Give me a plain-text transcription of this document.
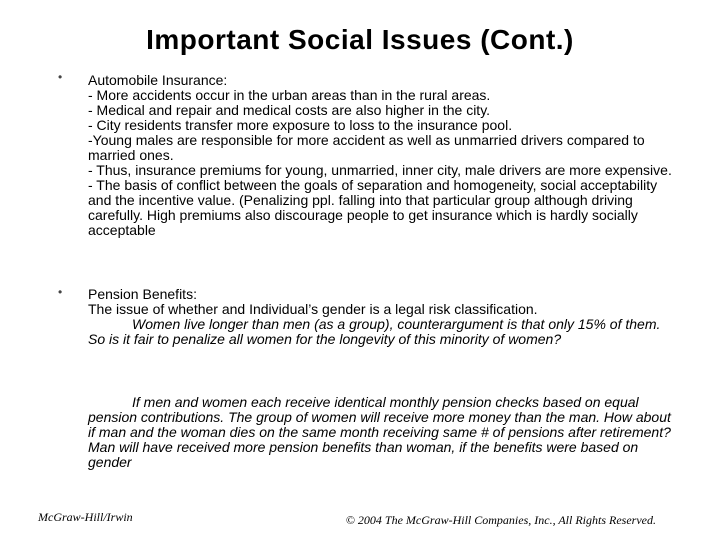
Important Social Issues (Cont.)
• Automobile Insurance:
- More accidents occur in the urban areas than in the rural areas.
- Medical and repair and medical costs are also higher in the city.
- City residents transfer more exposure to loss to the insurance pool.
-Young males are responsible for more accident as well as unmarried drivers compared to married ones.
- Thus, insurance premiums for young, unmarried, inner city, male drivers are more expensive.
- The basis of conflict between the goals of separation and homogeneity, social acceptability and the incentive value. (Penalizing ppl. falling into that particular group although driving carefully. High premiums also discourage people to get insurance which is hardly socially acceptable
• Pension Benefits:
The issue of whether and Individual’s gender is a legal risk classification.
Women live longer than men (as a group), counterargument is that only 15% of them. So is it fair to penalize all women for the longevity of this minority of women?
If men and women each receive identical monthly pension checks based on equal pension contributions. The group of women will receive more money than the man. How about if man and the woman dies on the same month receiving same # of pensions after retirement? Man will have received more pension benefits than woman, if the benefits were based on gender
McGraw-Hill/Irwin	© 2004 The McGraw-Hill Companies, Inc., All Rights Reserved.
